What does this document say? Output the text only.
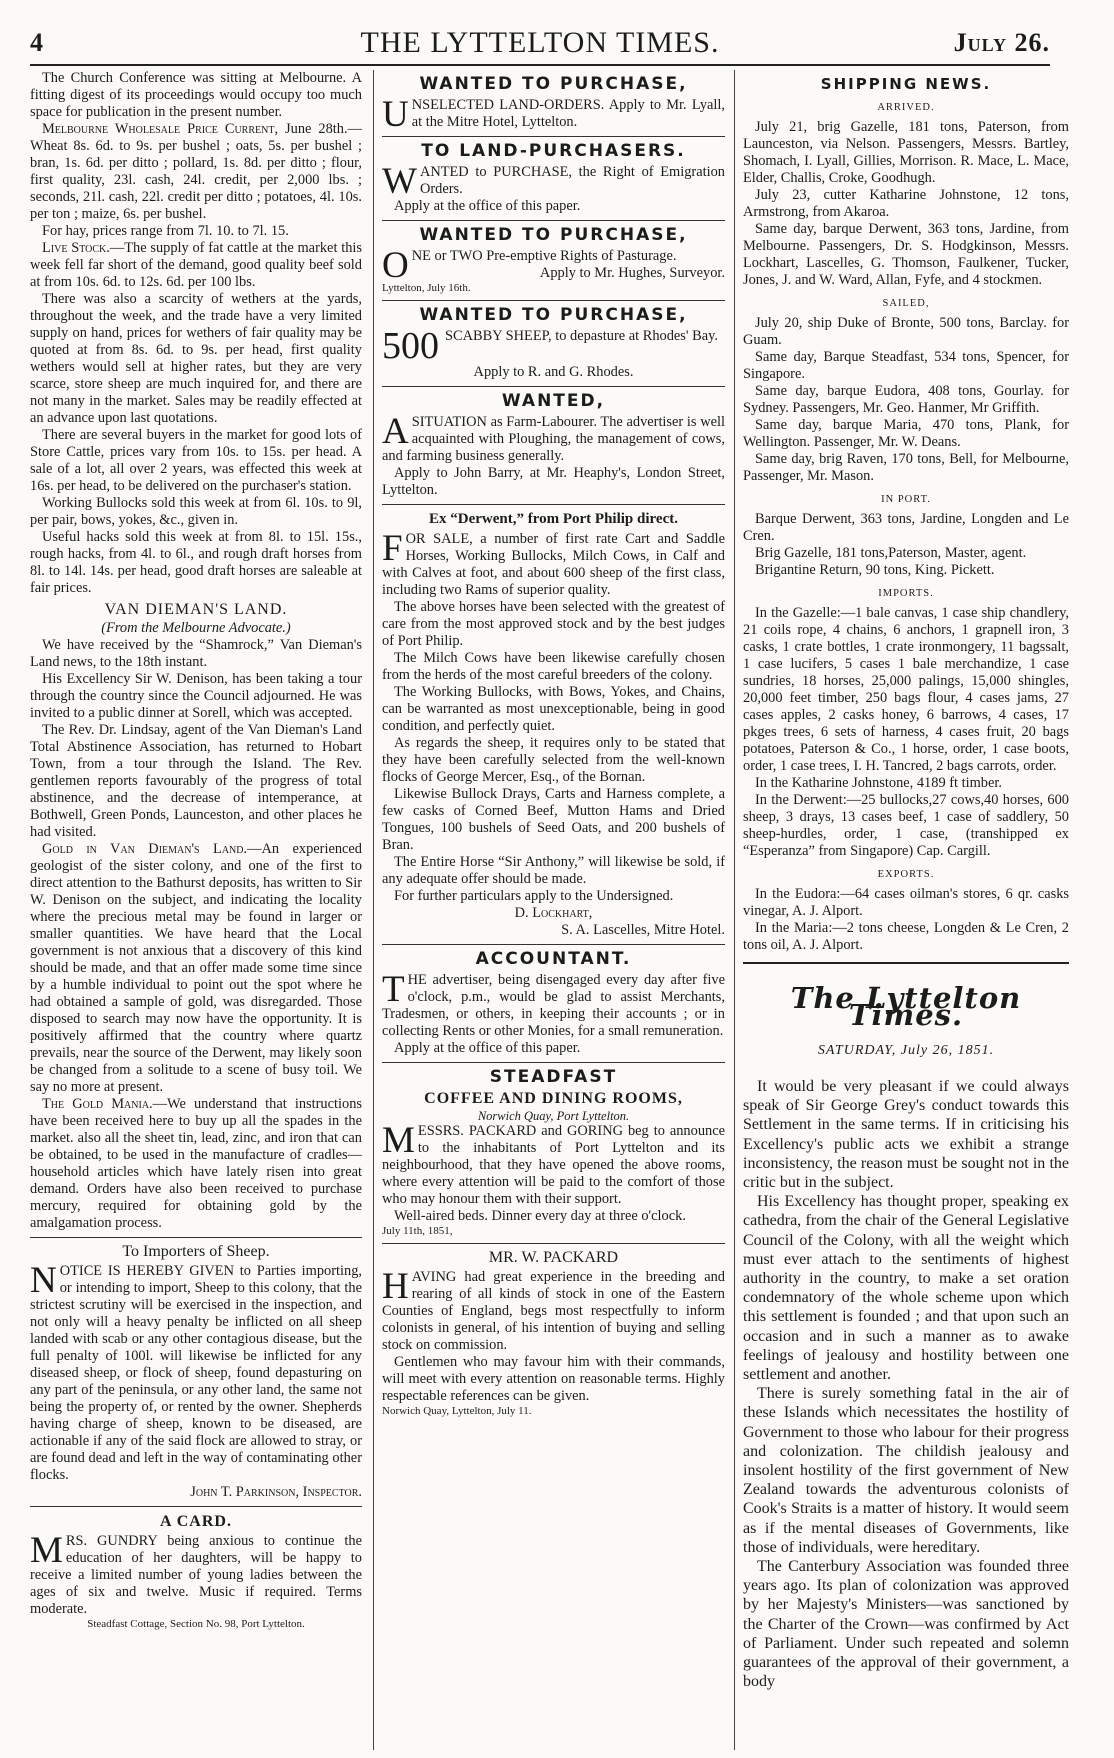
4	THE LYTTELTON TIMES.	July 26.

The Church Conference was sitting at Melbourne. A fitting digest of its proceedings would occupy too much space for publication in the present number.

Melbourne Wholesale Price Current, June 28th.—Wheat 8s. 6d. to 9s. per bushel ; oats, 5s. per bushel ; bran, 1s. 6d. per ditto ; pollard, 1s. 8d. per ditto ; flour, first quality, 23l. cash, 24l. credit, per 2,000 lbs. ; seconds, 21l. cash, 22l. credit per ditto ; potatoes, 4l. 10s. per ton ; maize, 6s. per bushel.

For hay, prices range from 7l. 10. to 7l. 15.

Live Stock.—The supply of fat cattle at the market this week fell far short of the demand, good quality beef sold at from 10s. 6d. to 12s. 6d. per 100 lbs.

There was also a scarcity of wethers at the yards, throughout the week, and the trade have a very limited supply on hand, prices for wethers of fair quality may be quoted at from 8s. 6d. to 9s. per head, first quality wethers would sell at higher rates, but they are very scarce, store sheep are much inquired for, and there are not many in the market. Sales may be readily effected at an advance upon last quotations.

There are several buyers in the market for good lots of Store Cattle, prices vary from 10s. to 15s. per head. A sale of a lot, all over 2 years, was effected this week at 16s. per head, to be delivered on the purchaser's station.

Working Bullocks sold this week at from 6l. 10s. to 9l, per pair, bows, yokes, &c., given in.

Useful hacks sold this week at from 8l. to 15l. 15s., rough hacks, from 4l. to 6l., and rough draft horses from 8l. to 14l. 14s. per head, good draft horses are saleable at fair prices.

VAN DIEMAN'S LAND.
(From the Melbourne Advocate.)

We have received by the “Shamrock,” Van Dieman's Land news, to the 18th instant.

His Excellency Sir W. Denison, has been taking a tour through the country since the Council adjourned. He was invited to a public dinner at Sorell, which was accepted.

The Rev. Dr. Lindsay, agent of the Van Dieman's Land Total Abstinence Association, has returned to Hobart Town, from a tour through the Island. The Rev. gentlemen reports favourably of the progress of total abstinence, and the decrease of intemperance, at Bothwell, Green Ponds, Launceston, and other places he had visited.

Gold in Van Dieman's Land.—An experienced geologist of the sister colony, and one of the first to direct attention to the Bathurst deposits, has written to Sir W. Denison on the subject, and indicating the locality where the precious metal may be found in larger or smaller quantities. We have heard that the Local government is not anxious that a discovery of this kind should be made, and that an offer made some time since by a humble individual to point out the spot where he had obtained a sample of gold, was disregarded. Those disposed to search may now have the opportunity. It is positively affirmed that the country where quartz prevails, near the source of the Derwent, may likely soon be changed from a solitude to a scene of busy toil. We say no more at present.

The Gold Mania.—We understand that instructions have been received here to buy up all the spades in the market. also all the sheet tin, lead, zinc, and iron that can be obtained, to be used in the manufacture of cradles—household articles which have lately risen into great demand. Orders have also been received to purchase mercury, required for obtaining gold by the amalgamation process.

To Importers of Sheep.

NOTICE IS HEREBY GIVEN to Parties importing, or intending to import, Sheep to this colony, that the strictest scrutiny will be exercised in the inspection, and not only will a heavy penalty be inflicted on all sheep landed with scab or any other contagious disease, but the full penalty of 100l. will likewise be inflicted for any diseased sheep, or flock of sheep, found depasturing on any part of the peninsula, or any other land, the same not being the property of, or rented by the owner. Shepherds having charge of sheep, known to be diseased, are actionable if any of the said flock are allowed to stray, or are found dead and left in the way of contaminating other flocks.

John T. Parkinson, Inspector.
A CARD.

MRS. GUNDRY being anxious to continue the education of her daughters, will be happy to receive a limited number of young ladies between the ages of six and twelve. Music if required. Terms moderate.

Steadfast Cottage, Section No. 98, Port Lyttelton.
WANTED TO PURCHASE,

UNSELECTED LAND-ORDERS. Apply to Mr. Lyall, at the Mitre Hotel, Lyttelton.

TO LAND-PURCHASERS.

WANTED to PURCHASE, the Right of Emigration Orders.

Apply at the office of this paper.

WANTED TO PURCHASE,

ONE or TWO Pre-emptive Rights of Pasturage.

Apply to Mr. Hughes, Surveyor.
Lyttelton, July 16th.
WANTED TO PURCHASE,

500 SCABBY SHEEP, to depasture at Rhodes' Bay.

Apply to R. and G. Rhodes.
WANTED,

ASITUATION as Farm-Labourer. The advertiser is well acquainted with Ploughing, the management of cows, and farming business generally.

Apply to John Barry, at Mr. Heaphy's, London Street, Lyttelton.

Ex “Derwent,” from Port Philip direct.

FOR SALE, a number of first rate Cart and Saddle Horses, Working Bullocks, Milch Cows, in Calf and with Calves at foot, and about 600 sheep of the first class, including two Rams of superior quality.

The above horses have been selected with the greatest of care from the most approved stock and by the best judges of Port Philip.

The Milch Cows have been likewise carefully chosen from the herds of the most careful breeders of the colony.

The Working Bullocks, with Bows, Yokes, and Chains, can be warranted as most unexceptionable, being in good condition, and perfectly quiet.

As regards the sheep, it requires only to be stated that they have been carefully selected from the well-known flocks of George Mercer, Esq., of the Bornan.

Likewise Bullock Drays, Carts and Harness complete, a few casks of Corned Beef, Mutton Hams and Dried Tongues, 100 bushels of Seed Oats, and 200 bushels of Bran.

The Entire Horse “Sir Anthony,” will likewise be sold, if any adequate offer should be made.

For further particulars apply to the Undersigned.

D. Lockhart,
S. A. Lascelles, Mitre Hotel.
ACCOUNTANT.

THE advertiser, being disengaged every day after five o'clock, p.m., would be glad to assist Merchants, Tradesmen, or others, in keeping their accounts ; or in collecting Rents or other Monies, for a small remuneration.

Apply at the office of this paper.

STEADFAST
COFFEE AND DINING ROOMS,
Norwich Quay, Port Lyttelton.

MESSRS. PACKARD and GORING beg to announce to the inhabitants of Port Lyttelton and its neighbourhood, that they have opened the above rooms, where every attention will be paid to the comfort of those who may honour them with their support.

Well-aired beds. Dinner every day at three o'clock.

July 11th, 1851,
MR. W. PACKARD

HAVING had great experience in the breeding and rearing of all kinds of stock in one of the Eastern Counties of England, begs most respectfully to inform colonists in general, of his intention of buying and selling stock on commission.

Gentlemen who may favour him with their commands, will meet with every attention on reasonable terms. Highly respectable references can be given.

Norwich Quay, Lyttelton, July 11.
SHIPPING NEWS.
ARRIVED.

July 21, brig Gazelle, 181 tons, Paterson, from Launceston, via Nelson. Passengers, Messrs. Bartley, Shomach, I. Lyall, Gillies, Morrison. R. Mace, L. Mace, Elder, Challis, Croke, Goodhugh.

July 23, cutter Katharine Johnstone, 12 tons, Armstrong, from Akaroa.

Same day, barque Derwent, 363 tons, Jardine, from Melbourne. Passengers, Dr. S. Hodgkinson, Messrs. Lockhart, Lascelles, G. Thomson, Faulkener, Tucker, Jones, J. and W. Ward, Allan, Fyfe, and 4 stockmen.

SAILED,

July 20, ship Duke of Bronte, 500 tons, Barclay. for Guam.

Same day, Barque Steadfast, 534 tons, Spencer, for Singapore.

Same day, barque Eudora, 408 tons, Gourlay. for Sydney. Passengers, Mr. Geo. Hanmer, Mr Griffith.

Same day, barque Maria, 470 tons, Plank, for Wellington. Passenger, Mr. W. Deans.

Same day, brig Raven, 170 tons, Bell, for Melbourne, Passenger, Mr. Mason.

IN PORT.

Barque Derwent, 363 tons, Jardine, Longden and Le Cren.

Brig Gazelle, 181 tons,Paterson, Master, agent.

Brigantine Return, 90 tons, King. Pickett.

IMPORTS.

In the Gazelle:—1 bale canvas, 1 case ship chandlery, 21 coils rope, 4 chains, 6 anchors, 1 grapnell iron, 3 casks, 1 crate bottles, 1 crate ironmongery, 11 bagssalt, 1 case lucifers, 5 cases 1 bale merchandize, 1 case sundries, 18 horses, 25,000 palings, 15,000 shingles, 20,000 feet timber, 250 bags flour, 4 cases jams, 27 cases apples, 2 casks honey, 6 barrows, 4 cases, 17 pkges trees, 6 sets of harness, 4 cases fruit, 20 bags potatoes, Paterson & Co., 1 horse, order, 1 case boots, order, 1 case trees, I. H. Tancred, 2 bags carrots, order.

In the Katharine Johnstone, 4189 ft timber.

In the Derwent:—25 bullocks,27 cows,40 horses, 600 sheep, 3 drays, 13 cases beef, 1 case of saddlery, 50 sheep-hurdles, order, 1 case, (transhipped ex “Esperanza” from Singapore) Cap. Cargill.

EXPORTS.

In the Eudora:—64 cases oilman's stores, 6 qr. casks vinegar, A. J. Alport.

In the Maria:—2 tons cheese, Longden & Le Cren, 2 tons oil, A. J. Alport.

The Lyttelton Times.
SATURDAY, July 26, 1851.

It would be very pleasant if we could always speak of Sir George Grey's conduct towards this Settlement in the same terms. If in criticising his Excellency's public acts we exhibit a strange inconsistency, the reason must be sought not in the critic but in the subject.

His Excellency has thought proper, speaking ex cathedra, from the chair of the General Legislative Council of the Colony, with all the weight which must ever attach to the sentiments of highest authority in the country, to make a set oration condemnatory of the whole scheme upon which this settlement is founded ; and that upon such an occasion and in such a manner as to awake feelings of jealousy and hostility between one settlement and another.

There is surely something fatal in the air of these Islands which necessitates the hostility of Government to those who labour for their progress and colonization. The childish jealousy and insolent hostility of the first government of New Zealand towards the adventurous colonists of Cook's Straits is a matter of history. It would seem as if the mental diseases of Governments, like those of individuals, were hereditary.

The Canterbury Association was founded three years ago. Its plan of colonization was approved by her Majesty's Ministers—was sanctioned by the Charter of the Crown—was confirmed by Act of Parliament. Under such repeated and solemn guarantees of the approval of their government, a body
